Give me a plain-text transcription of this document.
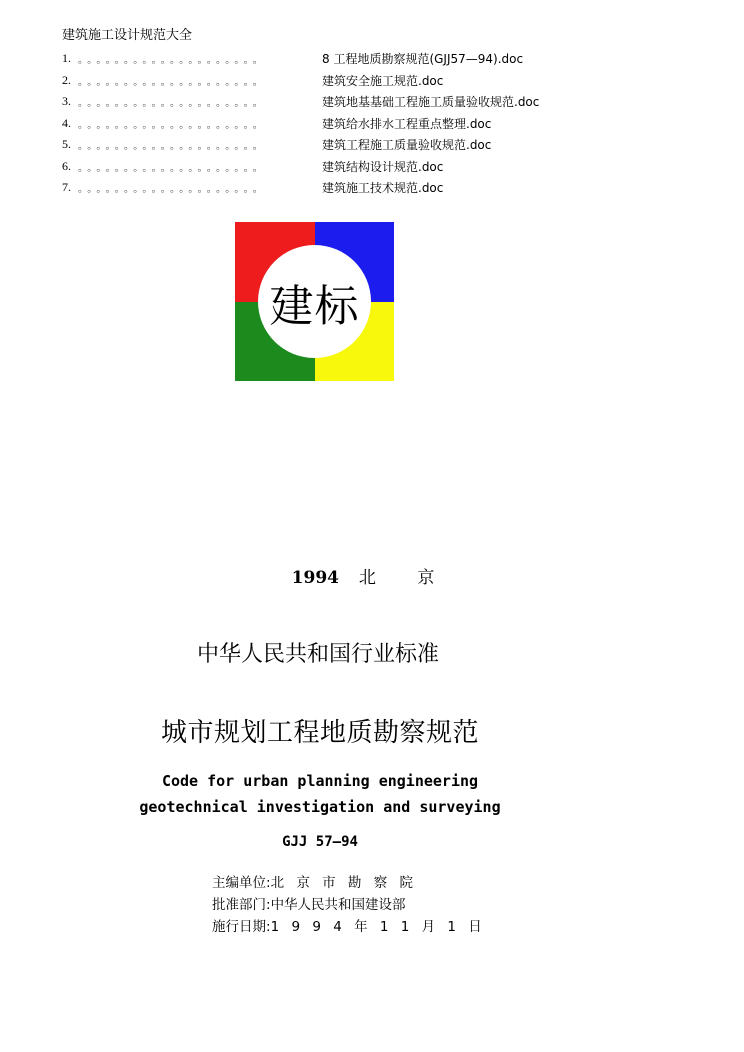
建筑施工设计规范大全
1. 。。。。。。。。。。。。。。。。。。。。	8 工程地质勘察规范(GJJ57—94).doc
2. 。。。。。。。。。。。。。。。。。。。。	建筑安全施工规范.doc
3. 。。。。。。。。。。。。。。。。。。。。	建筑地基基础工程施工质量验收规范.doc
4. 。。。。。。。。。。。。。。。。。。。。	建筑给水排水工程重点整理.doc
5. 。。。。。。。。。。。。。。。。。。。。	建筑工程施工质量验收规范.doc
6. 。。。。。。。。。。。。。。。。。。。。	建筑结构设计规范.doc
7. 。。。。。。。。。。。。。。。。。。。。	建筑施工技术规范.doc
建标
1994 北 京
中华人民共和国行业标准
城市规划工程地质勘察规范
Code for urban planning engineering
geotechnical investigation and surveying
GJJ 57—94
主编单位:北 京 市 勘 察 院
批准部门:中华人民共和国建设部
施行日期:1 9 9 4 年 1 1 月 1 日
